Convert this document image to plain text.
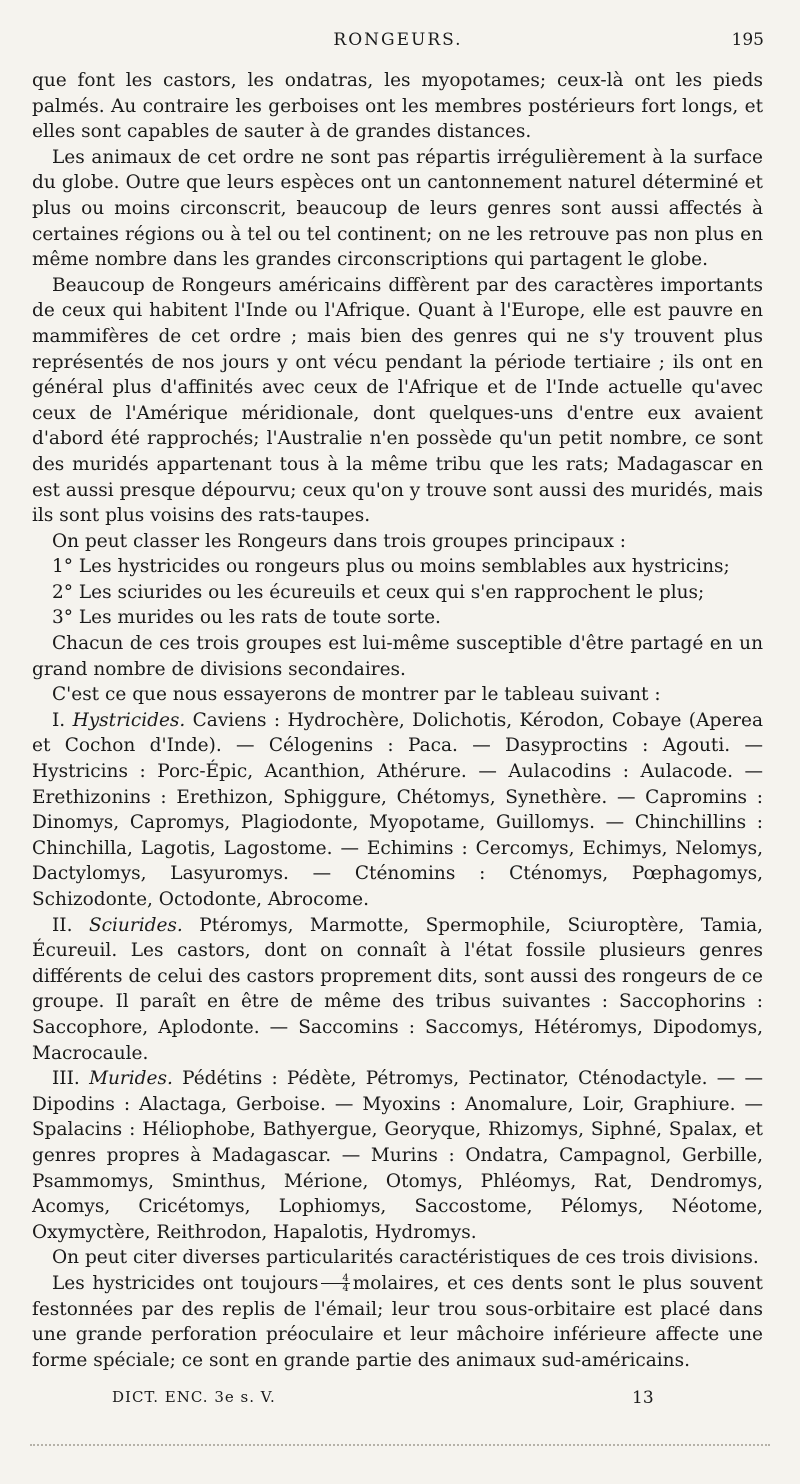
RONGEURS.	195

que font les castors, les ondatras, les myopotames; ceux-là ont les pieds palmés. Au contraire les gerboises ont les membres postérieurs fort longs, et elles sont capables de sauter à de grandes distances.

Les animaux de cet ordre ne sont pas répartis irrégulièrement à la surface du globe. Outre que leurs espèces ont un cantonnement naturel déterminé et plus ou moins circonscrit, beaucoup de leurs genres sont aussi affectés à certaines régions ou à tel ou tel continent; on ne les retrouve pas non plus en même nombre dans les grandes circonscriptions qui partagent le globe.

Beaucoup de Rongeurs américains diffèrent par des caractères importants de ceux qui habitent l'Inde ou l'Afrique. Quant à l'Europe, elle est pauvre en mammifères de cet ordre ; mais bien des genres qui ne s'y trouvent plus représentés de nos jours y ont vécu pendant la période tertiaire ; ils ont en général plus d'affinités avec ceux de l'Afrique et de l'Inde actuelle qu'avec ceux de l'Amérique méridionale, dont quelques-uns d'entre eux avaient d'abord été rapprochés; l'Australie n'en possède qu'un petit nombre, ce sont des muridés appartenant tous à la même tribu que les rats; Madagascar en est aussi presque dépourvu; ceux qu'on y trouve sont aussi des muridés, mais ils sont plus voisins des rats-taupes.

On peut classer les Rongeurs dans trois groupes principaux :

1° Les hystricides ou rongeurs plus ou moins semblables aux hystricins;

2° Les sciurides ou les écureuils et ceux qui s'en rapprochent le plus;

3° Les murides ou les rats de toute sorte.

Chacun de ces trois groupes est lui-même susceptible d'être partagé en un grand nombre de divisions secondaires.

C'est ce que nous essayerons de montrer par le tableau suivant :

I. Hystricides. Caviens : Hydrochère, Dolichotis, Kérodon, Cobaye (Aperea et Cochon d'Inde). — Célogenins : Paca. — Dasyproctins : Agouti. — Hystricins : Porc-Épic, Acanthion, Athérure. — Aulacodins : Aulacode. — Erethizonins : Erethizon, Sphiggure, Chétomys, Synethère. — Capromins : Dinomys, Capromys, Plagiodonte, Myopotame, Guillomys. — Chinchillins : Chinchilla, Lagotis, Lagostome. — Echimins : Cercomys, Echimys, Nelomys, Dactylomys, Lasyuromys. — Cténomins : Cténomys, Pœphagomys, Schizodonte, Octodonte, Abrocome.

II. Sciurides. Ptéromys, Marmotte, Spermophile, Sciuroptère, Tamia, Écureuil. Les castors, dont on connaît à l'état fossile plusieurs genres différents de celui des castors proprement dits, sont aussi des rongeurs de ce groupe. Il paraît en être de même des tribus suivantes : Saccophorins : Saccophore, Aplodonte. — Saccomins : Saccomys, Hétéromys, Dipodomys, Macrocaule.

III. Murides. Pédétins : Pédète, Pétromys, Pectinator, Cténodactyle. — — Dipodins : Alactaga, Gerboise. — Myoxins : Anomalure, Loir, Graphiure. — Spalacins : Héliophobe, Bathyergue, Georyque, Rhizomys, Siphné, Spalax, et genres propres à Madagascar. — Murins : Ondatra, Campagnol, Gerbille, Psammomys, Sminthus, Mérione, Otomys, Phléomys, Rat, Dendromys, Acomys, Cricétomys, Lophiomys, Saccostome, Pélomys, Néotome, Oxymyctère, Reithrodon, Hapalotis, Hydromys.

On peut citer diverses particularités caractéristiques de ces trois divisions.

Les hystricides ont toujours $\frac{4}{4}$ molaires, et ces dents sont le plus souvent festonnées par des replis de l'émail; leur trou sous-orbitaire est placé dans une grande perforation préoculaire et leur mâchoire inférieure affecte une forme spéciale; ce sont en grande partie des animaux sud-américains.

DICT. ENC. 3e s. V.	13
